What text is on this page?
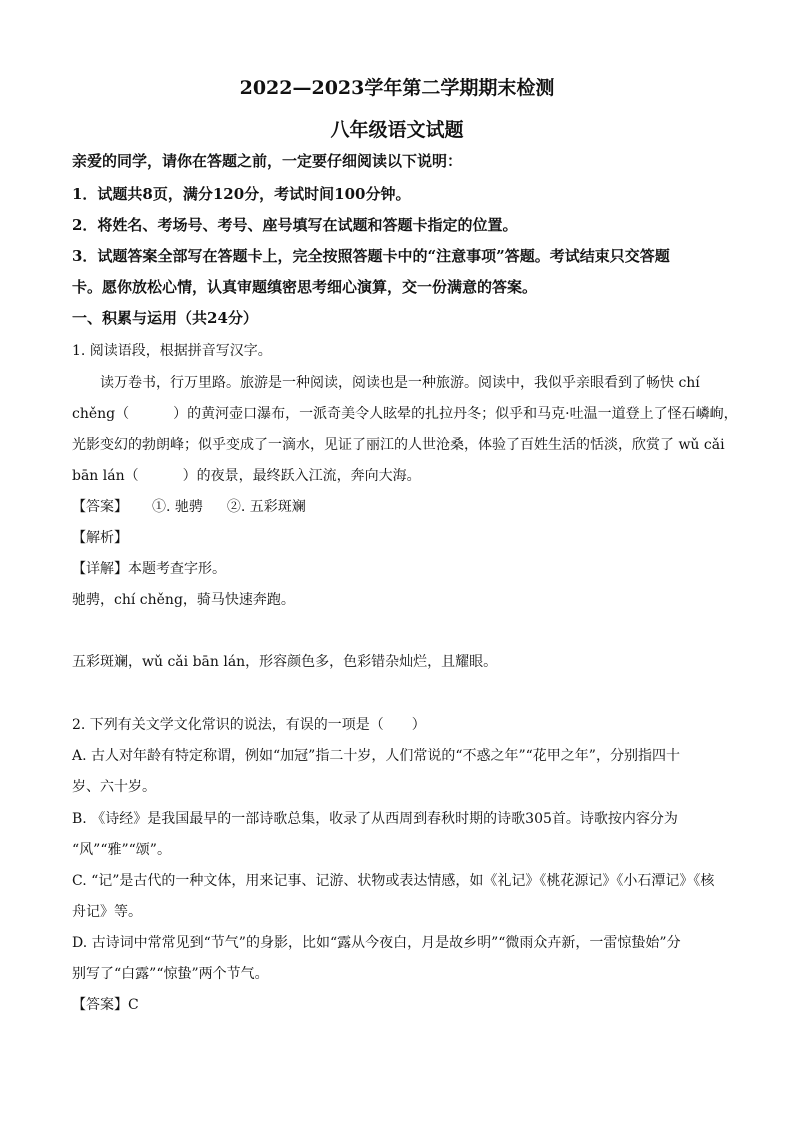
2022—2023学年第二学期期末检测
八年级语文试题
亲爱的同学，请你在答题之前，一定要仔细阅读以下说明：
1．试题共8页，满分120分，考试时间100分钟。
2．将姓名、考场号、考号、座号填写在试题和答题卡指定的位置。
3．试题答案全部写在答题卡上，完全按照答题卡中的“注意事项”答题。考试结束只交答题
卡。愿你放松心情，认真审题缜密思考细心演算，交一份满意的答案。
一、积累与运用（共24分）
1. 阅读语段，根据拼音写汉字。
读万卷书，行万里路。旅游是一种阅读，阅读也是一种旅游。阅读中，我似乎亲眼看到了畅快 chí
chěng（	）的黄河壶口瀑布，一派奇美令人眩晕的扎拉丹冬；似乎和马克·吐温一道登上了怪石嶙峋，
光影变幻的勃朗峰；似乎变成了一滴水，见证了丽江的人世沧桑，体验了百姓生活的恬淡，欣赏了 wǔ cǎi
bān lán（	）的夜景，最终跃入江流，奔向大海。
【答案】 ①. 驰骋 ②. 五彩斑斓
【解析】
【详解】本题考查字形。
驰骋，chí chěng，骑马快速奔跑。
五彩斑斓，wǔ cǎi bān lán，形容颜色多，色彩错杂灿烂，且耀眼。
2. 下列有关文学文化常识的说法，有误的一项是（　　）
A. 古人对年龄有特定称谓，例如“加冠”指二十岁，人们常说的“不惑之年”“花甲之年”，分别指四十
岁、六十岁。
B. 《诗经》是我国最早的一部诗歌总集，收录了从西周到春秋时期的诗歌305首。诗歌按内容分为
“风”“雅”“颂”。
C. “记”是古代的一种文体，用来记事、记游、状物或表达情感，如《礼记》《桃花源记》《小石潭记》《核
舟记》等。
D. 古诗词中常常见到“节气”的身影，比如“露从今夜白，月是故乡明”“微雨众卉新，一雷惊蛰始”分
别写了“白露”“惊蛰”两个节气。
【答案】C
